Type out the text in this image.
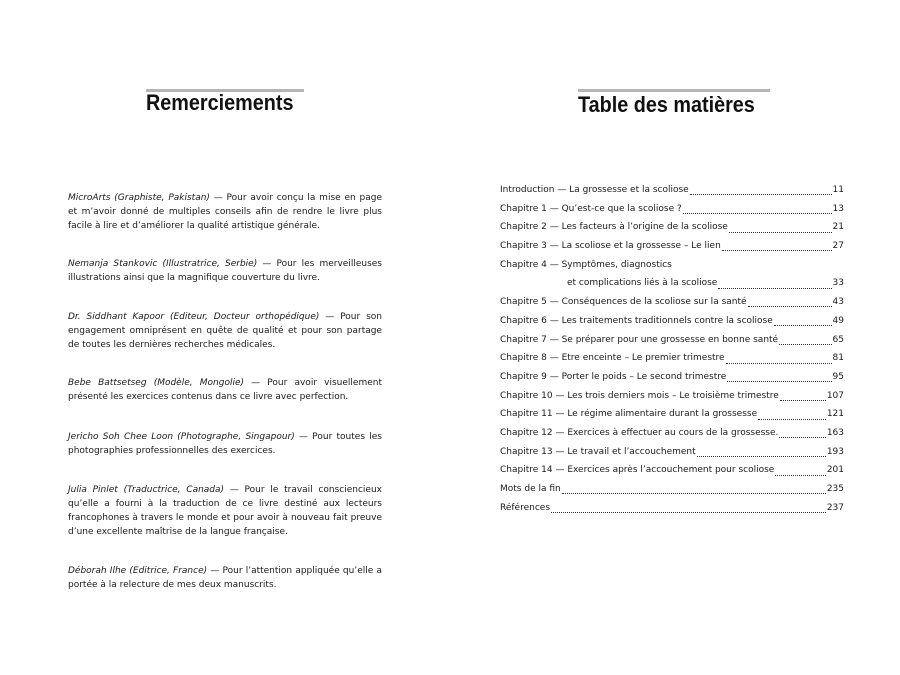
Remerciements

MicroArts (Graphiste, Pakistan) — Pour avoir conçu la mise en page et m’avoir donné de multiples conseils afin de rendre le livre plus facile à lire et d’améliorer la qualité artistique générale.

Nemanja Stankovic (Illustratrice, Serbie) — Pour les merveilleuses illustrations ainsi que la magnifique couverture du livre.

Dr. Siddhant Kapoor (Editeur, Docteur orthopédique) — Pour son engagement omniprésent en quête de qualité et pour son partage de toutes les dernières recherches médicales.

Bebe Battsetseg (Modèle, Mongolie) — Pour avoir visuellement présenté les exercices contenus dans ce livre avec perfection.

Jericho Soh Chee Loon (Photographe, Singapour) — Pour toutes les photographies professionnelles des exercices.

Julia Pinlet (Traductrice, Canada) — Pour le travail consciencieux qu’elle a fourni à la traduction de ce livre destiné aux lecteurs francophones à travers le monde et pour avoir à nouveau fait preuve d’une excellente maîtrise de la langue française.

Déborah Ilhe (Editrice, France) — Pour l’attention appliquée qu’elle a portée à la relecture de mes deux manuscrits.

Table des matières
Introduction — La grossesse et la scoliose	11
Chapitre 1 — Qu’est-ce que la scoliose ?	13
Chapitre 2 — Les facteurs à l’origine de la scoliose	21
Chapitre 3 — La scoliose et la grossesse – Le lien	27
Chapitre 4 — Symptômes, diagnostics
et complications liés à la scoliose	33
Chapitre 5 — Conséquences de la scoliose sur la santé	43
Chapitre 6 — Les traitements traditionnels contre la scoliose	49
Chapitre 7 — Se préparer pour une grossesse en bonne santé	65
Chapitre 8 — Etre enceinte – Le premier trimestre	81
Chapitre 9 — Porter le poids – Le second trimestre	95
Chapitre 10 — Les trois derniers mois – Le troisième trimestre	107
Chapitre 11 — Le régime alimentaire durant la grossesse	121
Chapitre 12 — Exercices à effectuer au cours de la grossesse.	163
Chapitre 13 — Le travail et l’accouchement	193
Chapitre 14 — Exercices après l’accouchement pour scoliose	201
Mots de la fin	235
Références	237
